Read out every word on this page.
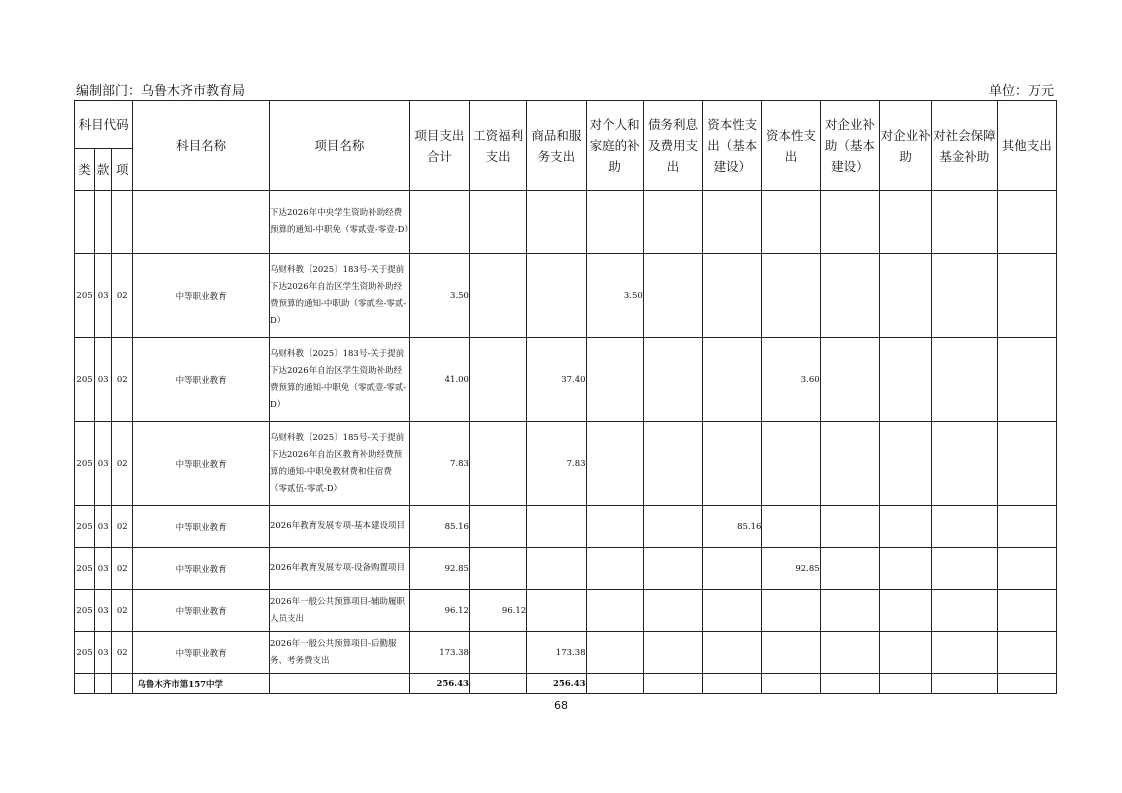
编制部门：乌鲁木齐市教育局	单位：万元
科目代码			科目名称	项目名称	项目支出合计	工资福利支出	商品和服务支出	对个人和家庭的补助	债务利息及费用支出	资本性支出（基本建设）	资本性支出	对企业补助（基本建设）	对企业补助	对社会保障基金补助	其他支出
类	款	项													
				下达2026年中央学生资助补助经费预算的通知-中职免（零贰壹-零壹-D）											
205	03	02	中等职业教育	乌财科教〔2025〕183号-关于提前下达2026年自治区学生资助补助经费预算的通知-中职助（零贰叁-零贰-D）	3.50			3.50							
205	03	02	中等职业教育	乌财科教〔2025〕183号-关于提前下达2026年自治区学生资助补助经费预算的通知-中职免（零贰壹-零贰-D）	41.00		37.40				3.60				
205	03	02	中等职业教育	乌财科教〔2025〕185号-关于提前下达2026年自治区教育补助经费预算的通知-中职免教材费和住宿费（零贰伍-零贰-D）	7.83		7.83								
205	03	02	中等职业教育	2026年教育发展专项-基本建设项目	85.16					85.16					
205	03	02	中等职业教育	2026年教育发展专项-设备购置项目	92.85						92.85				
205	03	02	中等职业教育	2026年一般公共预算项目-辅助履职人员支出	96.12	96.12									
205	03	02	中等职业教育	2026年一般公共预算项目-后勤服务、考务费支出	173.38		173.38								
			乌鲁木齐市第157中学		256.43		256.43								
68
